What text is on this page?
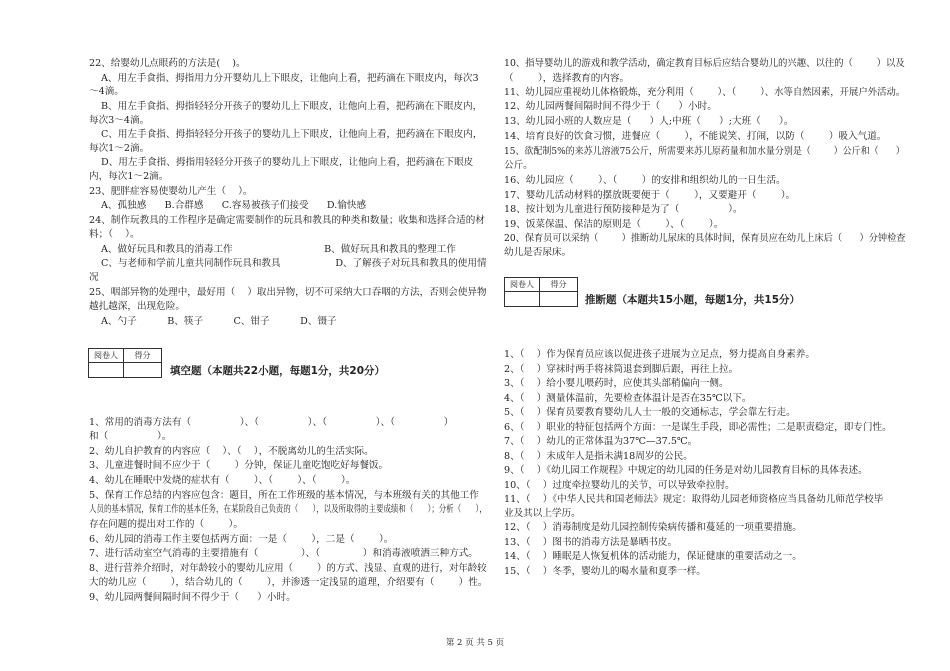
22、给婴幼儿点眼药的方法是(    )。
A、用左手食指、拇指用力分开婴幼儿上下眼皮，让他向上看，把药滴在下眼皮内，每次3
～4滴。
B、用左手食指、拇指轻轻分开孩子的婴幼儿上下眼皮，让他向上看，把药滴在下眼皮内，
每次3～4滴。
C、用左手食指、拇指轻轻分开孩子的婴幼儿上下眼皮，让他向上看，把药滴在下眼皮内，
每次1～2滴。
D、用左手食指、拇指用轻轻分开孩子的婴幼儿上下眼皮，让他向上看，把药滴在下眼皮
内，每次1～2滴。
23、肥胖症容易使婴幼儿产生（    ）。
A、孤独感      B.合群感      C.容易被孩子们接受      D.愉快感
24、制作玩教具的工作程序是确定需要制作的玩具和教具的种类和数量；收集和选择合适的材
料；（    ）。
A、做好玩具和教具的消毒工作                              B、做好玩具和教具的整理工作
C、与老师和学前儿童共同制作玩具和教具                  D、了解孩子对玩具和教具的使用情
况
25、咽部异物的处理中，最好用（    ）取出异物，切不可采纳大口吞咽的方法，否则会使异物
越扎越深，出现危险。
A、勺子          B、筷子          C、钳子          D、镊子
1、常用的消毒方法有（                ）、（                ）、（                ）、（                ）
和（                ）。
2、幼儿自护教育的内容应（    ）、（    ），不脱离幼儿的生活实际。
3、儿童进餐时间不应少于（        ）分钟，保证儿童吃饱吃好每餐饭。
4、幼儿在睡眠中发烧的症状有（        ）、（        ）、（        ）。
5、保育工作总结的内容应包含：题目，所在工作班级的基本情况，与本班级有关的其他工作
人员的基本情况，保育工作的基本任务，在某阶段自己负责的（      ），以及所取得的主要成绩和（      ）；分析（      ），
存在问题的提出对工作的（        ）。
6、幼儿园的消毒工作主要包括两方面：一是（        ），二是（        ）。
7、进行活动室空气消毒的主要措施有（              ）、（              ）和消毒液喷洒三种方式。
8、进行营养介绍时，对年龄较小的婴幼儿应用（        ）的方式、浅显、直观的进行，对年龄较
大的幼儿应（        ），结合幼儿的（        ），并渗透一定浅显的道理，介绍要有（        ）性。
9、幼儿园两餐间隔时间不得少于（      ）小时。
10、指导婴幼儿的游戏和教学活动，确定教育目标后应结合婴幼儿的兴趣、以往的（        ）以及
（        ），选择教育的内容。
11、幼儿园应重视幼儿体格锻炼，充分利用（        ）、（        ）、水等自然因素，开展户外活动。
12、幼儿园两餐间隔时间不得少于（      ）小时。
13、幼儿园小班的人数应是（      ）人;中班（      ）;大班（      ）。
14、培育良好的饮食习惯，进餐应（        ），不能说笑、打闹，以防（        ）吸入气道。
15、欲配制5%的来苏儿溶液75公斤，所需要来苏儿原药量和加水量分别是（        ）公斤和（      ）
公斤。
16、幼儿园应（        ）、（        ）的安排和组织幼儿的一日生活。
17、婴幼儿活动材料的摆放既要便于（        ），又要避开（        ）。
18、按计划为儿童进行预防接种是为了（                ）。
19、饭菜保温、保洁的原则是（        ）、（        ）。
20、保育员可以采纳（        ）推断幼儿尿床的具体时间，保育员应在幼儿上床后（      ）分钟检查
幼儿是否尿床。
1、（    ）作为保育员应该以促进孩子进展为立足点，努力提高自身素养。
2、（    ）穿袜时两手将袜筒退套到脚后跟，再往上拉。
3、（    ）给小婴儿喂药时，应使其头部稍偏向一侧。
4、（    ）测量体温前，先要检查体温计是否在35℃以下。
5、（    ）保育员要教育婴幼儿人士一般的交通标志，学会靠左行走。
6、（    ）职业的特征包括两个方面：一是谋生手段，即必需性；二是职责稳定，即专门性。
7、（    ）幼儿的正常体温为37℃—37.5℃。
8、（    ）未成年人是指未满18周岁的公民。
9、（    ）《幼儿园工作规程》中规定的幼儿园的任务是对幼儿园教育目标的具体表述。
10、（    ）过度牵拉婴幼儿的关节，可以导致牵拉肘。
11、（    ）《中华人民共和国老师法》规定：取得幼儿园老师资格应当具备幼儿师范学校毕
业及其以上学历。
12、（    ）消毒制度是幼儿园控制传染病传播和蔓延的一项重要措施。
13、（    ）图书的消毒方法是暴晒书皮。
14、（    ）睡眠是人恢复机体的活动能力，保证健康的重要活动之一。
15、（    ）冬季，婴幼儿的喝水量和夏季一样。
阅卷人	得分
填空题（本题共22小题，每题1分，共20分）
阅卷人	得分
推断题（本题共15小题，每题1分，共15分）
第 2 页 共 5 页
